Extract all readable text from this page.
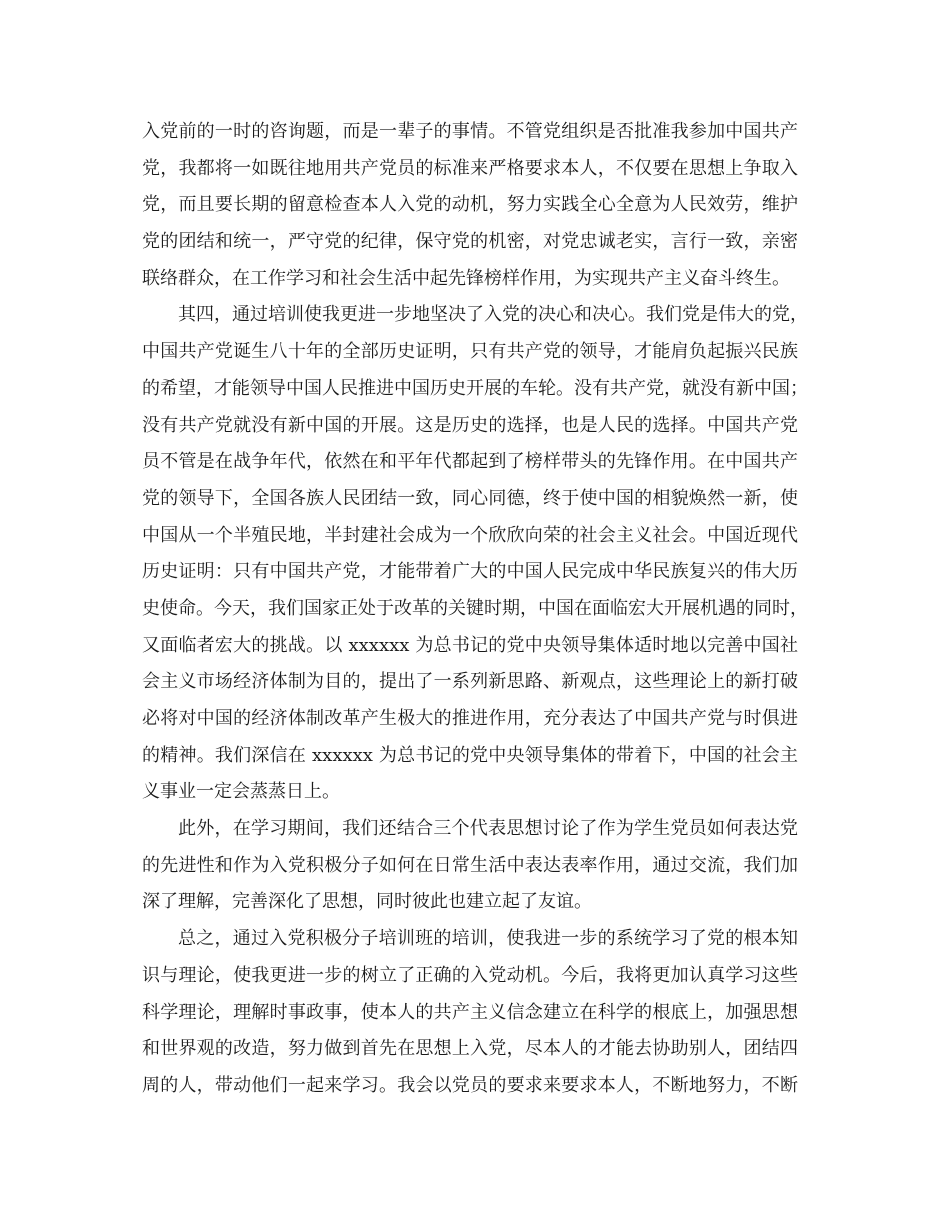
入党前的一时的咨询题，而是一辈子的事情。不管党组织是否批准我参加中国共产
党，我都将一如既往地用共产党员的标准来严格要求本人，不仅要在思想上争取入
党，而且要长期的留意检查本人入党的动机，努力实践全心全意为人民效劳，维护
党的团结和统一，严守党的纪律，保守党的机密，对党忠诚老实，言行一致，亲密
联络群众，在工作学习和社会生活中起先锋榜样作用，为实现共产主义奋斗终生。
其四，通过培训使我更进一步地坚决了入党的决心和决心。我们党是伟大的党，
中国共产党诞生八十年的全部历史证明，只有共产党的领导，才能肩负起振兴民族
的希望，才能领导中国人民推进中国历史开展的车轮。没有共产党，就没有新中国；
没有共产党就没有新中国的开展。这是历史的选择，也是人民的选择。中国共产党
员不管是在战争年代，依然在和平年代都起到了榜样带头的先锋作用。在中国共产
党的领导下，全国各族人民团结一致，同心同德，终于使中国的相貌焕然一新，使
中国从一个半殖民地，半封建社会成为一个欣欣向荣的社会主义社会。中国近现代
历史证明：只有中国共产党，才能带着广大的中国人民完成中华民族复兴的伟大历
史使命。今天，我们国家正处于改革的关键时期，中国在面临宏大开展机遇的同时，
又面临者宏大的挑战。以 xxxxxx 为总书记的党中央领导集体适时地以完善中国社
会主义市场经济体制为目的，提出了一系列新思路、新观点，这些理论上的新打破
必将对中国的经济体制改革产生极大的推进作用，充分表达了中国共产党与时俱进
的精神。我们深信在 xxxxxx 为总书记的党中央领导集体的带着下，中国的社会主
义事业一定会蒸蒸日上。
此外，在学习期间，我们还结合三个代表思想讨论了作为学生党员如何表达党
的先进性和作为入党积极分子如何在日常生活中表达表率作用，通过交流，我们加
深了理解，完善深化了思想，同时彼此也建立起了友谊。
总之，通过入党积极分子培训班的培训，使我进一步的系统学习了党的根本知
识与理论，使我更进一步的树立了正确的入党动机。今后，我将更加认真学习这些
科学理论，理解时事政事，使本人的共产主义信念建立在科学的根底上，加强思想
和世界观的改造，努力做到首先在思想上入党，尽本人的才能去协助别人，团结四
周的人，带动他们一起来学习。我会以党员的要求来要求本人，不断地努力，不断
